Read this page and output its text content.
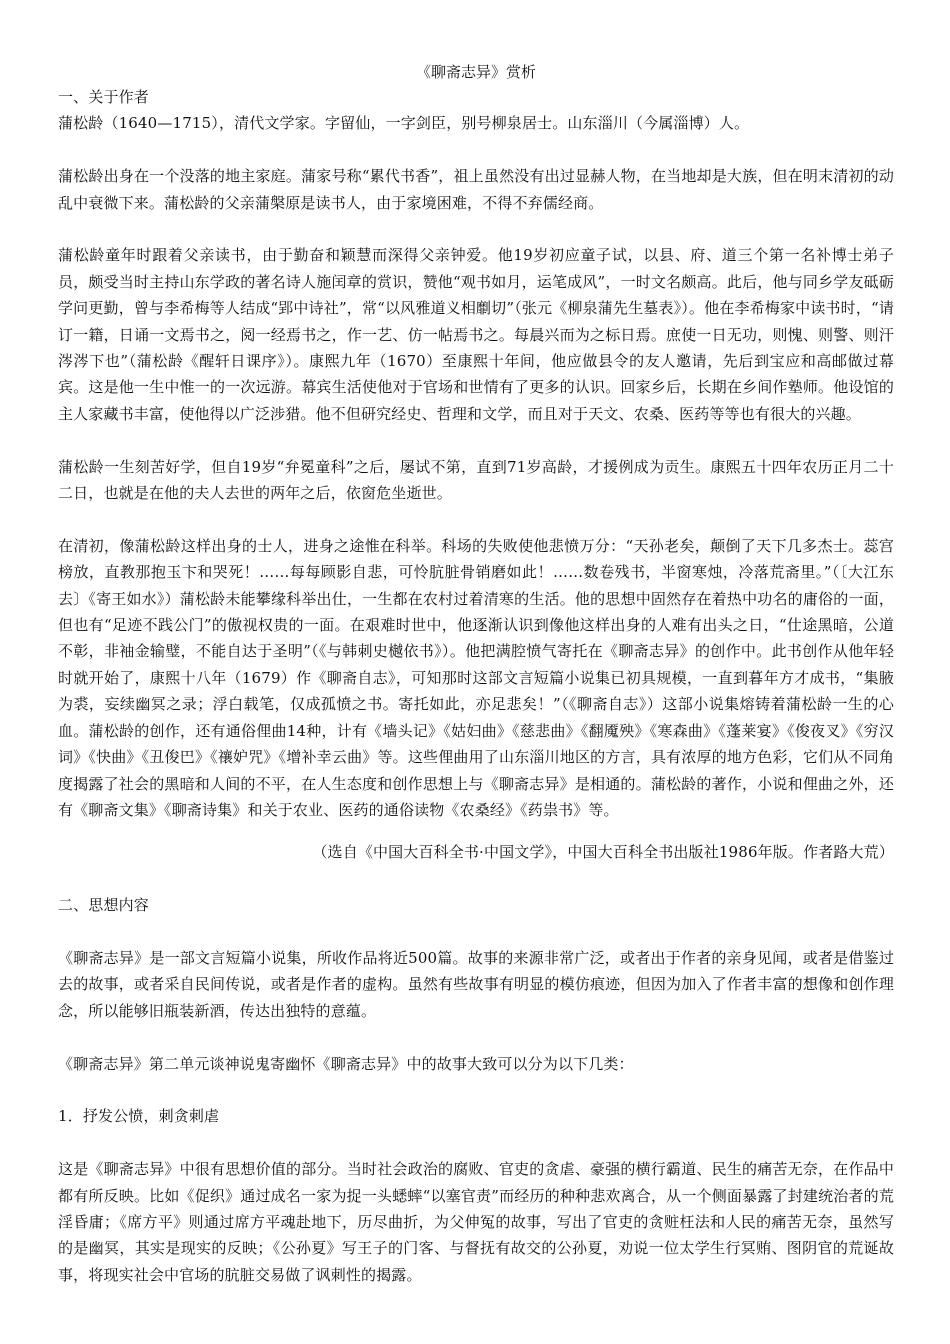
《聊斋志异》赏析

一、关于作者

蒲松龄（1640—1715），清代文学家。字留仙，一字剑臣，别号柳泉居士。山东淄川（今属淄博）人。

蒲松龄出身在一个没落的地主家庭。蒲家号称“累代书香”，祖上虽然没有出过显赫人物，在当地却是大族，但在明末清初的动乱中衰微下来。蒲松龄的父亲蒲槃原是读书人，由于家境困难，不得不弃儒经商。

蒲松龄童年时跟着父亲读书，由于勤奋和颖慧而深得父亲钟爱。他19岁初应童子试，以县、府、道三个第一名补博士弟子员，颇受当时主持山东学政的著名诗人施闰章的赏识，赞他“观书如月，运笔成风”，一时文名颇高。此后，他与同乡学友砥砺学问更勤，曾与李希梅等人结成“郢中诗社”，常“以风雅道义相劘切”（张元《柳泉蒲先生墓表》）。他在李希梅家中读书时，“请订一籍，日诵一文焉书之，阅一经焉书之，作一艺、仿一帖焉书之。每晨兴而为之标日焉。庶使一日无功，则愧、则警、则汗涔涔下也”（蒲松龄《醒轩日课序》）。康熙九年（1670）至康熙十年间，他应做县令的友人邀请，先后到宝应和高邮做过幕宾。这是他一生中惟一的一次远游。幕宾生活使他对于官场和世情有了更多的认识。回家乡后，长期在乡间作塾师。他设馆的主人家藏书丰富，使他得以广泛涉猎。他不但研究经史、哲理和文学，而且对于天文、农桑、医药等等也有很大的兴趣。

蒲松龄一生刻苦好学，但自19岁“弁冕童科”之后，屡试不第，直到71岁高龄，才援例成为贡生。康熙五十四年农历正月二十二日，也就是在他的夫人去世的两年之后，依窗危坐逝世。

在清初，像蒲松龄这样出身的士人，进身之途惟在科举。科场的失败使他悲愤万分：“天孙老矣，颠倒了天下几多杰士。蕊宫榜放，直教那抱玉卞和哭死！……每每顾影自悲，可怜肮脏骨销磨如此！……数卷残书，半窗寒烛，冷落荒斋里。”（〔大江东去〕《寄王如水》）蒲松龄未能攀缘科举出仕，一生都在农村过着清寒的生活。他的思想中固然存在着热中功名的庸俗的一面，但也有“足迹不践公门”的傲视权贵的一面。在艰难时世中，他逐渐认识到像他这样出身的人难有出头之日，“仕途黑暗，公道不彰，非袖金输璧，不能自达于圣明”（《与韩刺史樾依书》）。他把满腔愤气寄托在《聊斋志异》的创作中。此书创作从他年轻时就开始了，康熙十八年（1679）作《聊斋自志》，可知那时这部文言短篇小说集已初具规模，一直到暮年方才成书，“集腋为裘，妄续幽冥之录；浮白载笔，仅成孤愤之书。寄托如此，亦足悲矣！”（《聊斋自志》）这部小说集熔铸着蒲松龄一生的心血。蒲松龄的创作，还有通俗俚曲14种，计有《墙头记》《姑妇曲》《慈悲曲》《翻魇殃》《寒森曲》《蓬莱宴》《俊夜叉》《穷汉词》《快曲》《丑俊巴》《禳妒咒》《增补幸云曲》等。这些俚曲用了山东淄川地区的方言，具有浓厚的地方色彩，它们从不同角度揭露了社会的黑暗和人间的不平，在人生态度和创作思想上与《聊斋志异》是相通的。蒲松龄的著作，小说和俚曲之外，还有《聊斋文集》《聊斋诗集》和关于农业、医药的通俗读物《农桑经》《药祟书》等。

（选自《中国大百科全书·中国文学》，中国大百科全书出版社1986年版。作者路大荒）

二、思想内容

《聊斋志异》是一部文言短篇小说集，所收作品将近500篇。故事的来源非常广泛，或者出于作者的亲身见闻，或者是借鉴过去的故事，或者采自民间传说，或者是作者的虚构。虽然有些故事有明显的模仿痕迹，但因为加入了作者丰富的想像和创作理念，所以能够旧瓶装新酒，传达出独特的意蕴。

《聊斋志异》第二单元谈神说鬼寄幽怀《聊斋志异》中的故事大致可以分为以下几类：

1．抒发公愤，刺贪刺虐

这是《聊斋志异》中很有思想价值的部分。当时社会政治的腐败、官吏的贪虐、豪强的横行霸道、民生的痛苦无奈，在作品中都有所反映。比如《促织》通过成名一家为捉一头蟋蟀“以塞官责”而经历的种种悲欢离合，从一个侧面暴露了封建统治者的荒淫昏庸；《席方平》则通过席方平魂赴地下，历尽曲折，为父伸冤的故事，写出了官吏的贪赃枉法和人民的痛苦无奈，虽然写的是幽冥，其实是现实的反映；《公孙夏》写王子的门客、与督抚有故交的公孙夏，劝说一位太学生行冥贿、图阴官的荒诞故事，将现实社会中官场的肮脏交易做了讽刺性的揭露。
